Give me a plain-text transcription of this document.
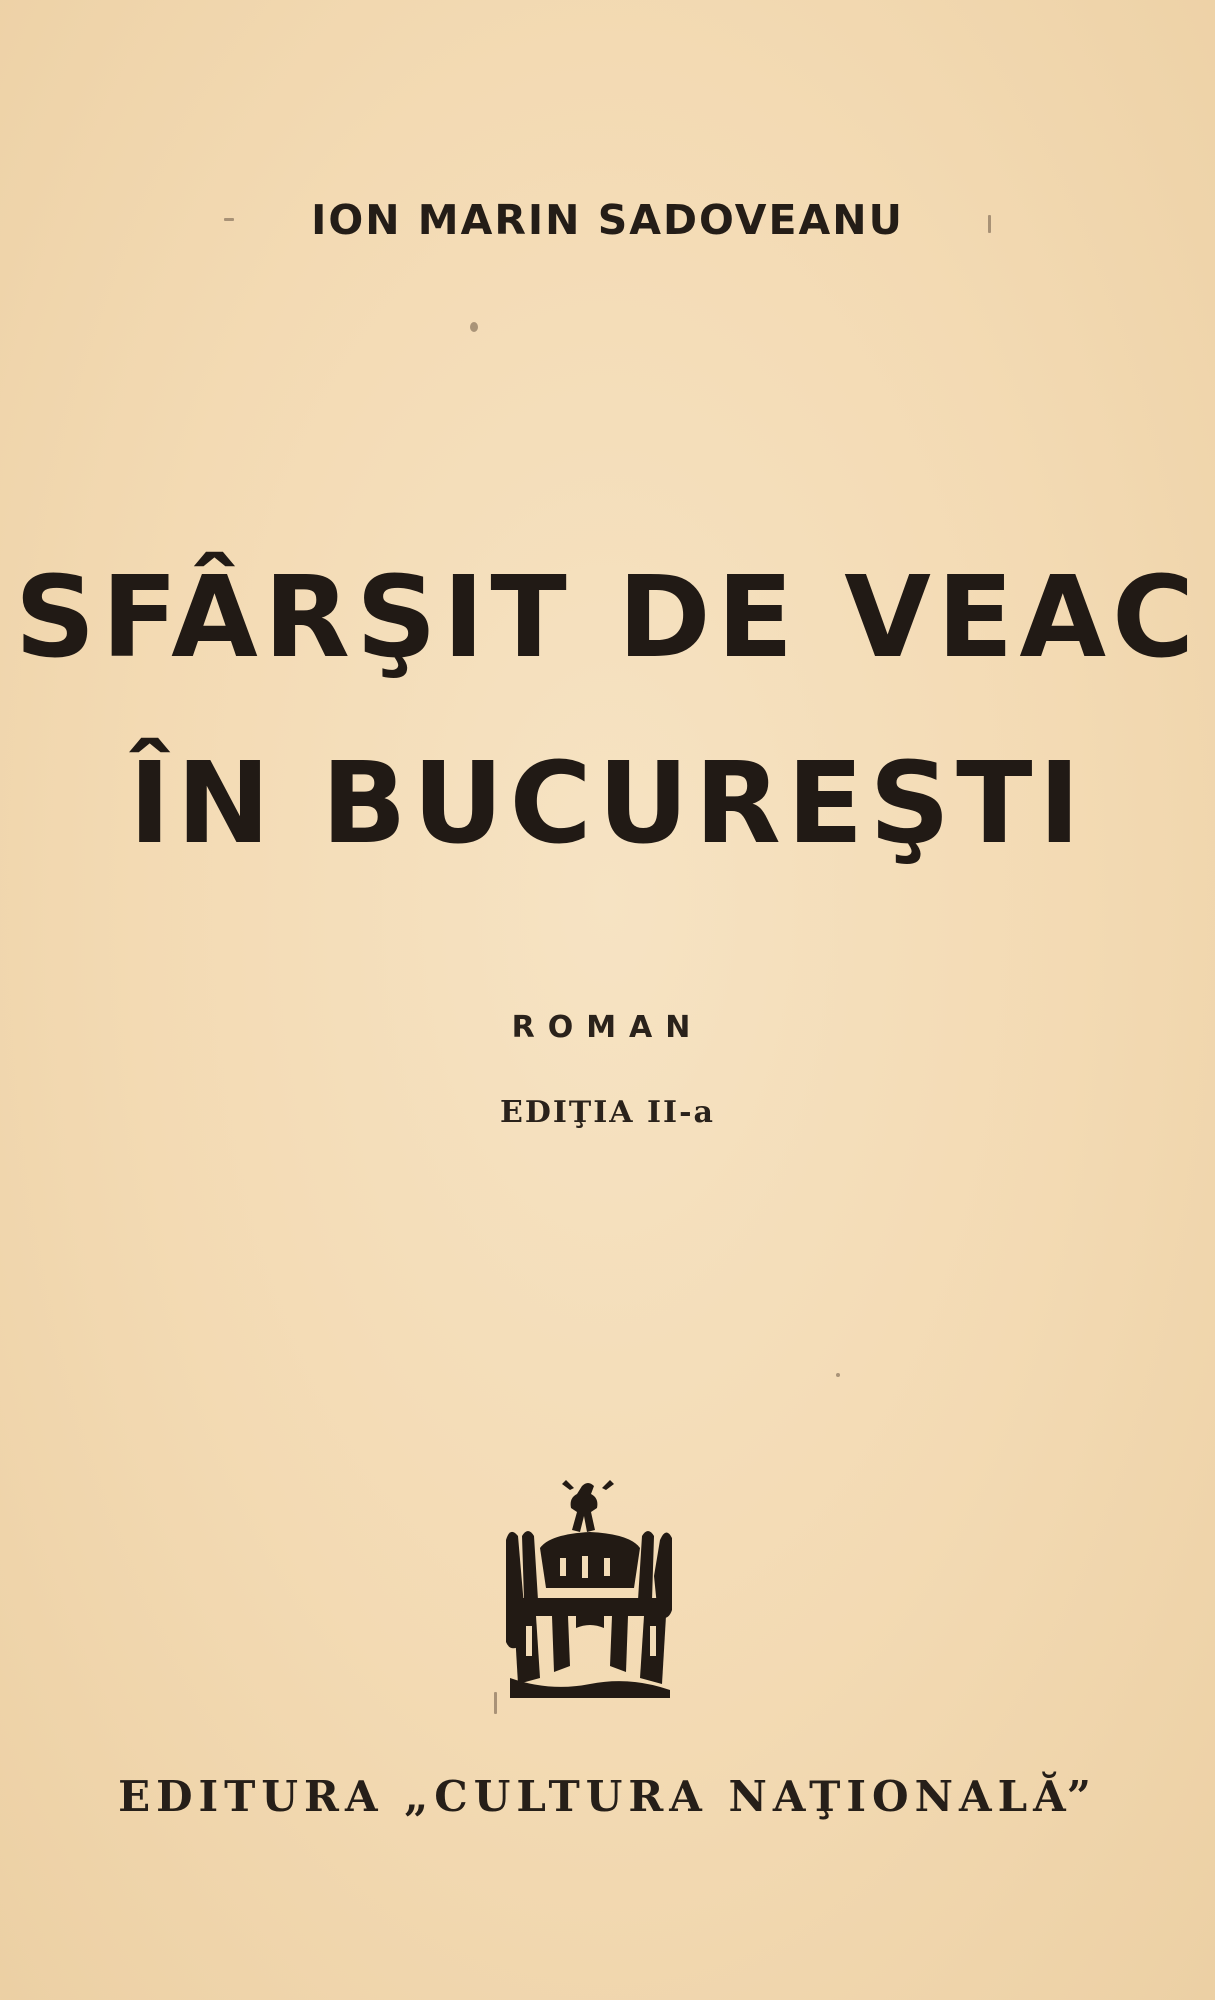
ION MARIN SADOVEANU
SFÂRŞIT DE VEAC
ÎN BUCUREŞTI
ROMAN
EDIŢIA II-a
EDITURA „CULTURA NAŢIONALĂ”
